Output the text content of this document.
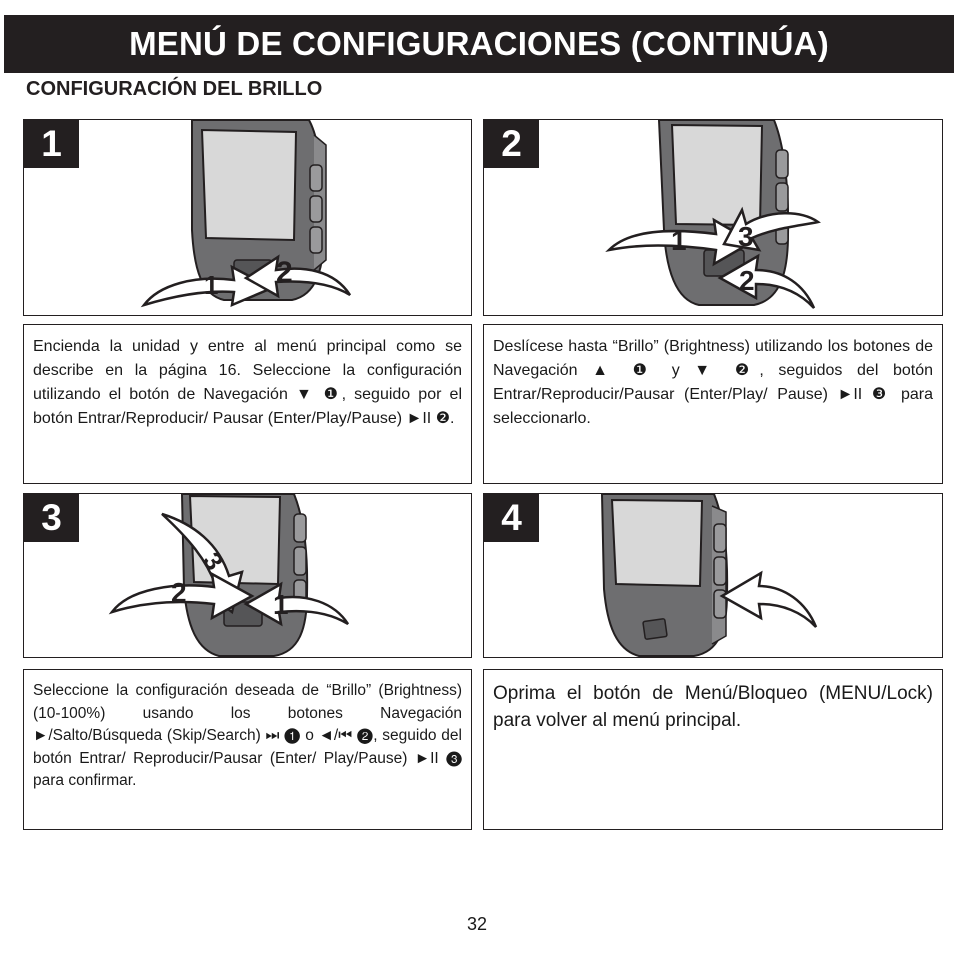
MENÚ DE CONFIGURACIONES (CONTINÚA)
CONFIGURACIÓN DEL BRILLO
1
1 2
2
1 3
2
Encienda la unidad y entre al menú principal como se describe en la página 16. Seleccione la configuración utilizando el botón de Navegación ▼ ❶, seguido por el botón Entrar/Reproducir/ Pausar (Enter/Play/Pause) ►II ❷.
Deslícese hasta “Brillo” (Brightness) utilizando los botones de Navegación ▲ ❶ y ▼ ❷, seguidos del botón Entrar/Reproducir/Pausar (Enter/Play/ Pause) ►II ❸ para seleccionarlo.
3
3
2	1
4
Seleccione la configuración deseada de “Brillo” (Brightness) (10-100%) usando los botones Navegación ►/Salto/Búsqueda (Skip/Search) ⏭ ❶ o ◄/⏮ ❷, seguido del botón Entrar/ Reproducir/Pausar (Enter/ Play/Pause) ►II ❸ para confirmar.
Oprima el botón de Menú/Bloqueo (MENU/Lock) para volver al menú principal.
32
